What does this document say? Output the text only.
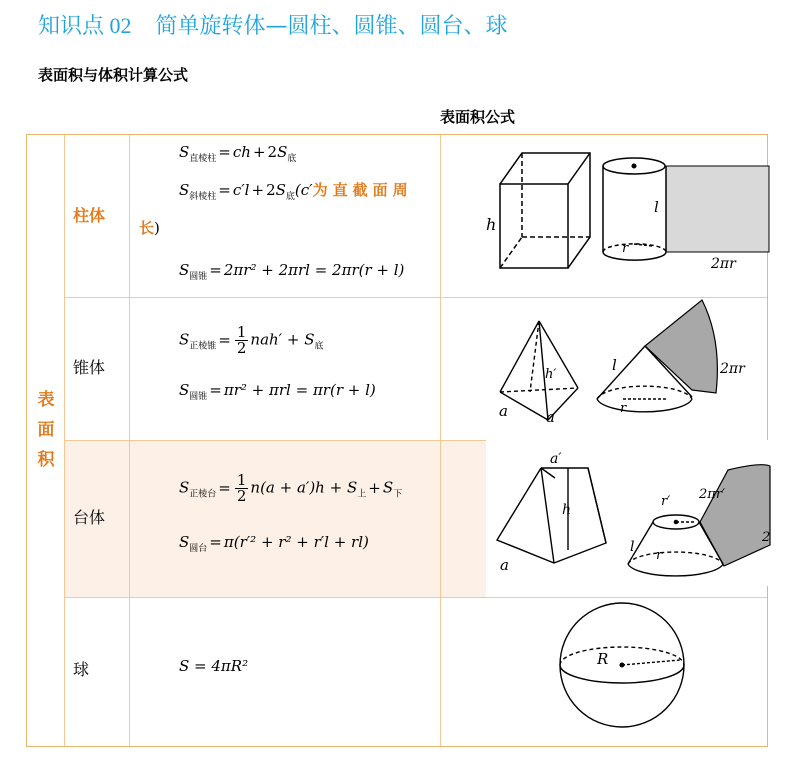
知识点 02 简单旋转体—圆柱、圆锥、圆台、球
表面积与体积计算公式
表面积公式
表
面
积
柱体
$S_{直棱柱}$ = ch + $2S_底$
$S_{斜棱柱} = c'l + 2S_底(c'$为直截面周
长)
$S_{圆锥} = 2\pi r^2 + 2\pi rl = 2\pi r(r + l)$
锥体
$S_{正棱锥} = \frac{1}{2} nah' + S_底$
$S_{圆锥} = \pi r^2 + \pi rl = \pi r(r + l)$
台体
$S_{正棱台} = \frac{1}{2} n(a + a')h + S_上 + S_下$
$S_{圆台} = \pi(r'^2 + r^2 + r'l + rl)$
球	S = 4πR²
h
l
r
2πr
h′
a	a
l
r
2πr
a′
h
a
r′ 2πr′
l
r
2
R
